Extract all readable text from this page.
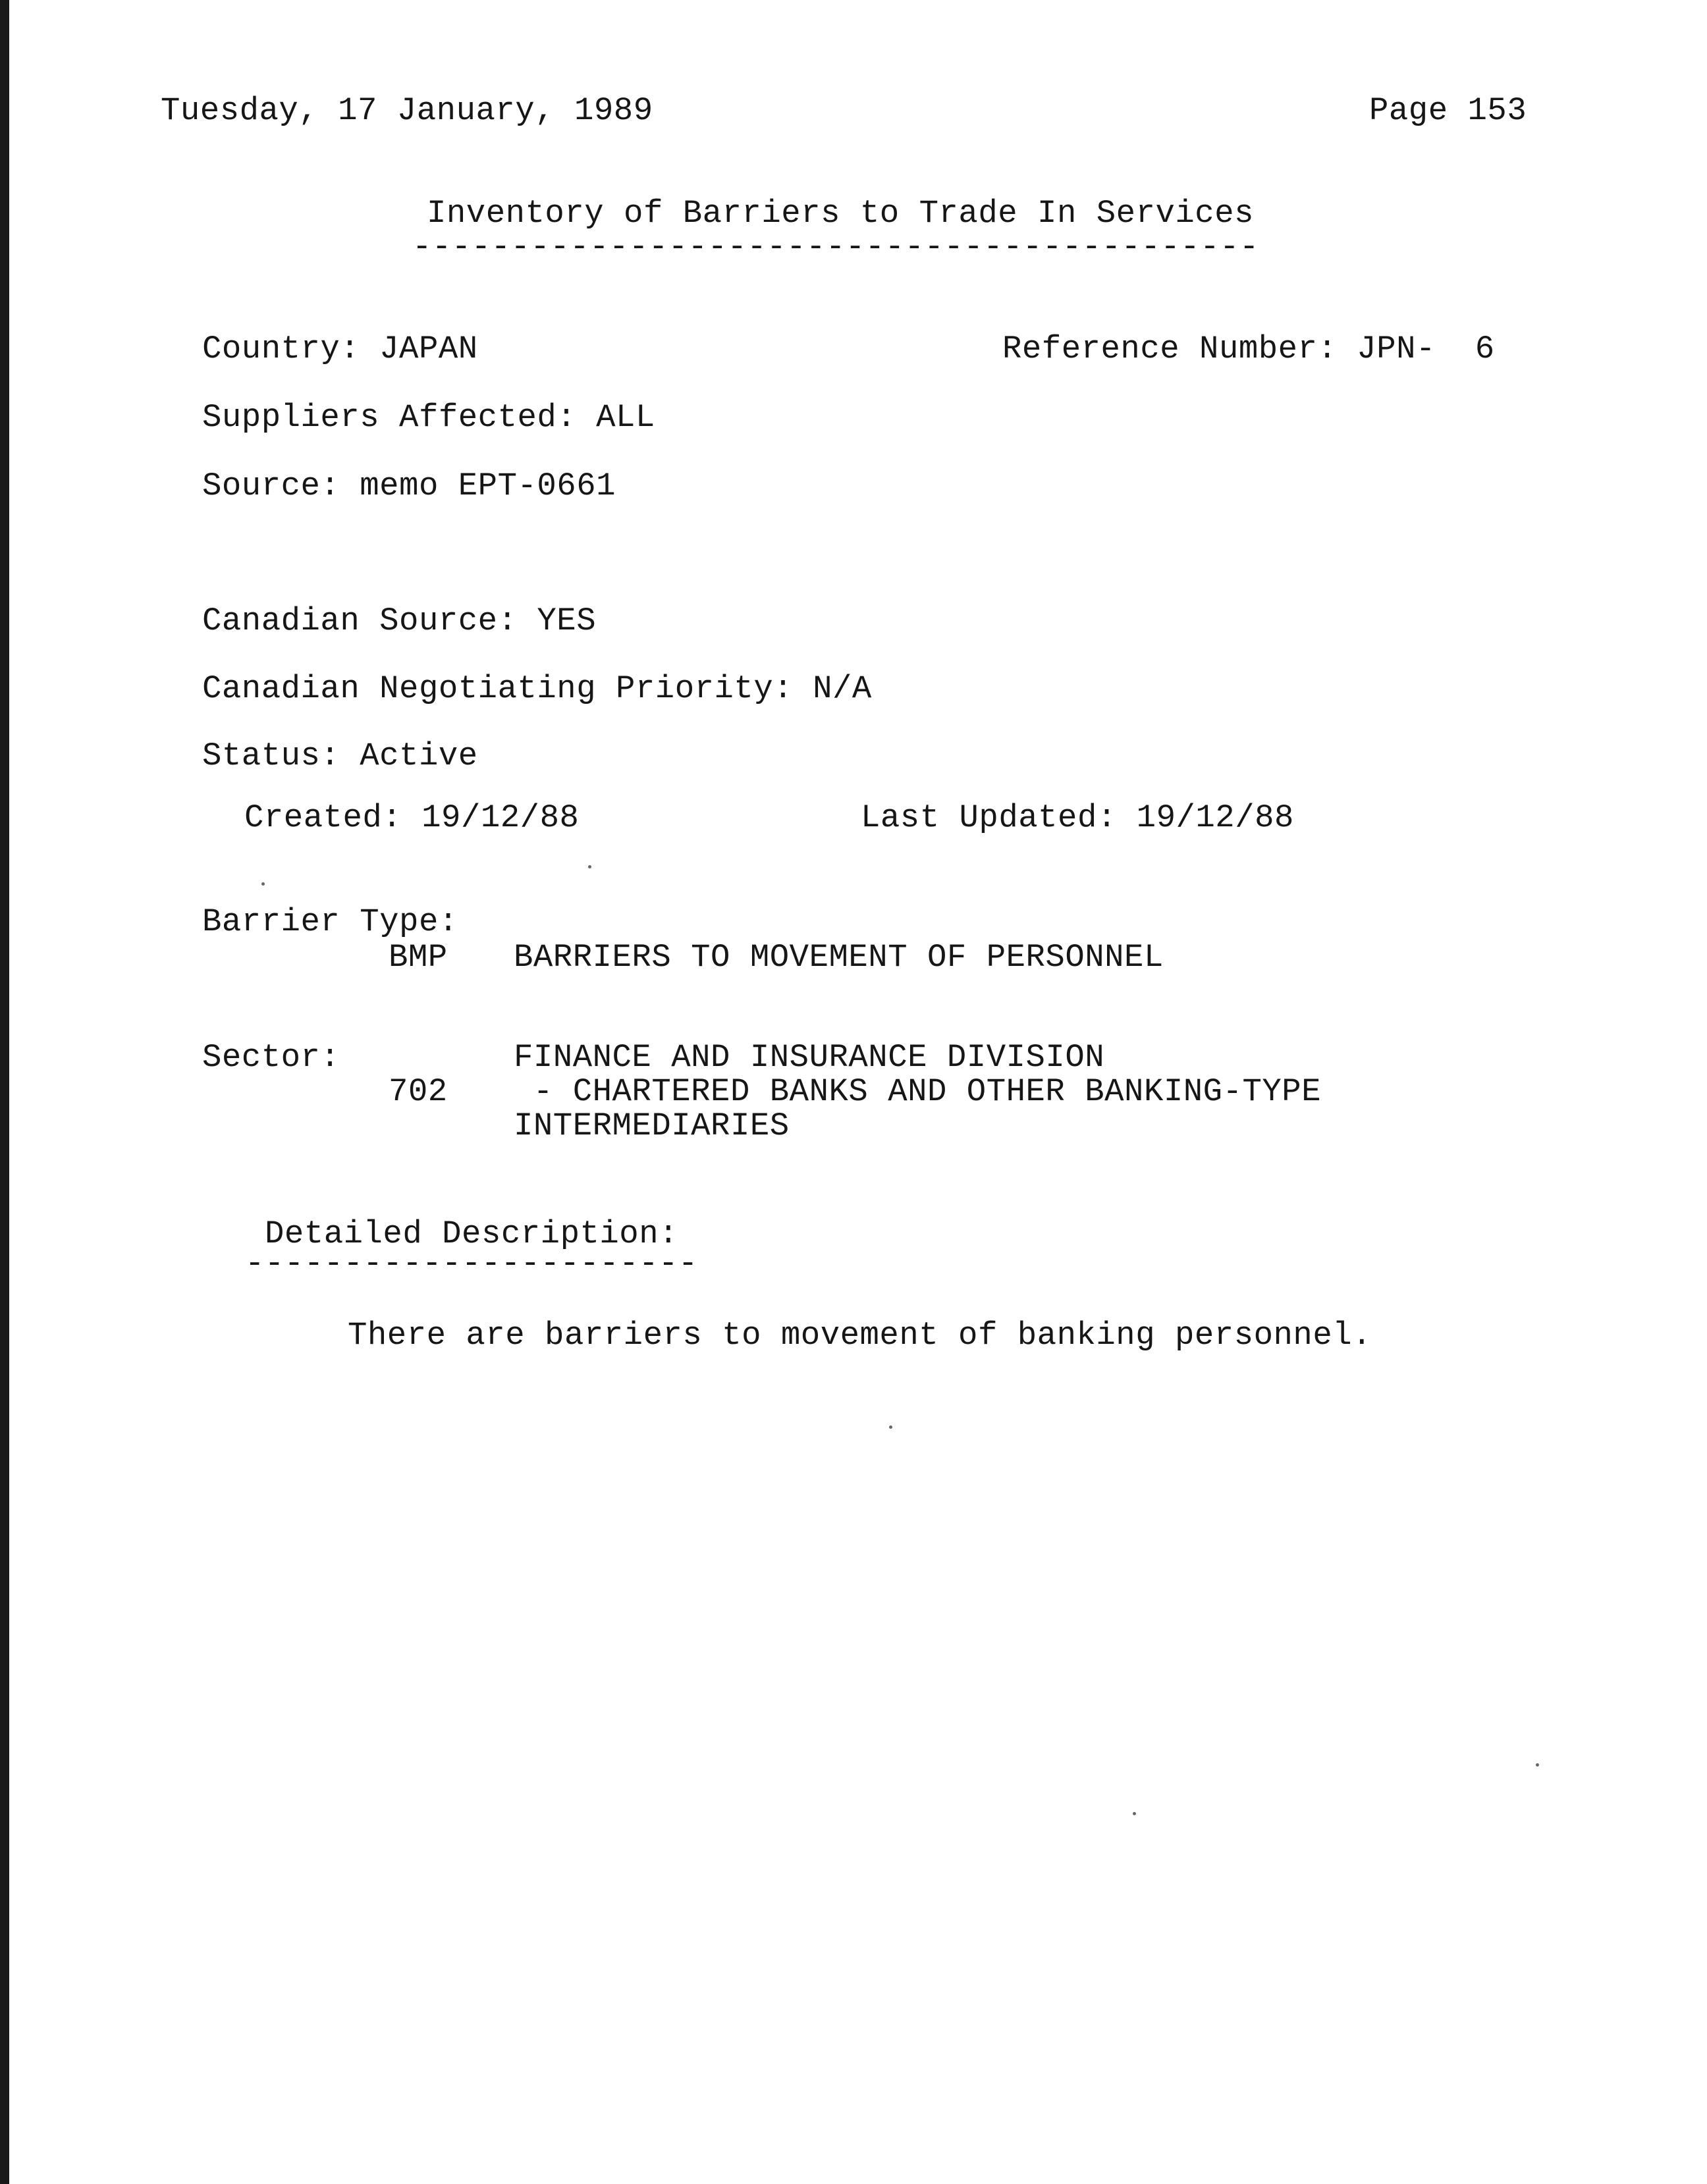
Tuesday, 17 January, 1989	Page 153
Inventory of Barriers to Trade In Services
-------------------------------------------
Country: JAPAN	Reference Number: JPN-  6
Suppliers Affected: ALL
Source: memo EPT-0661
Canadian Source: YES
Canadian Negotiating Priority: N/A
Status: Active
Created: 19/12/88	Last Updated: 19/12/88
Barrier Type:
BMP BARRIERS TO MOVEMENT OF PERSONNEL
Sector:	FINANCE AND INSURANCE DIVISION
702 - CHARTERED BANKS AND OTHER BANKING-TYPE
INTERMEDIARIES
Detailed Description:
-----------------------
There are barriers to movement of banking personnel.
